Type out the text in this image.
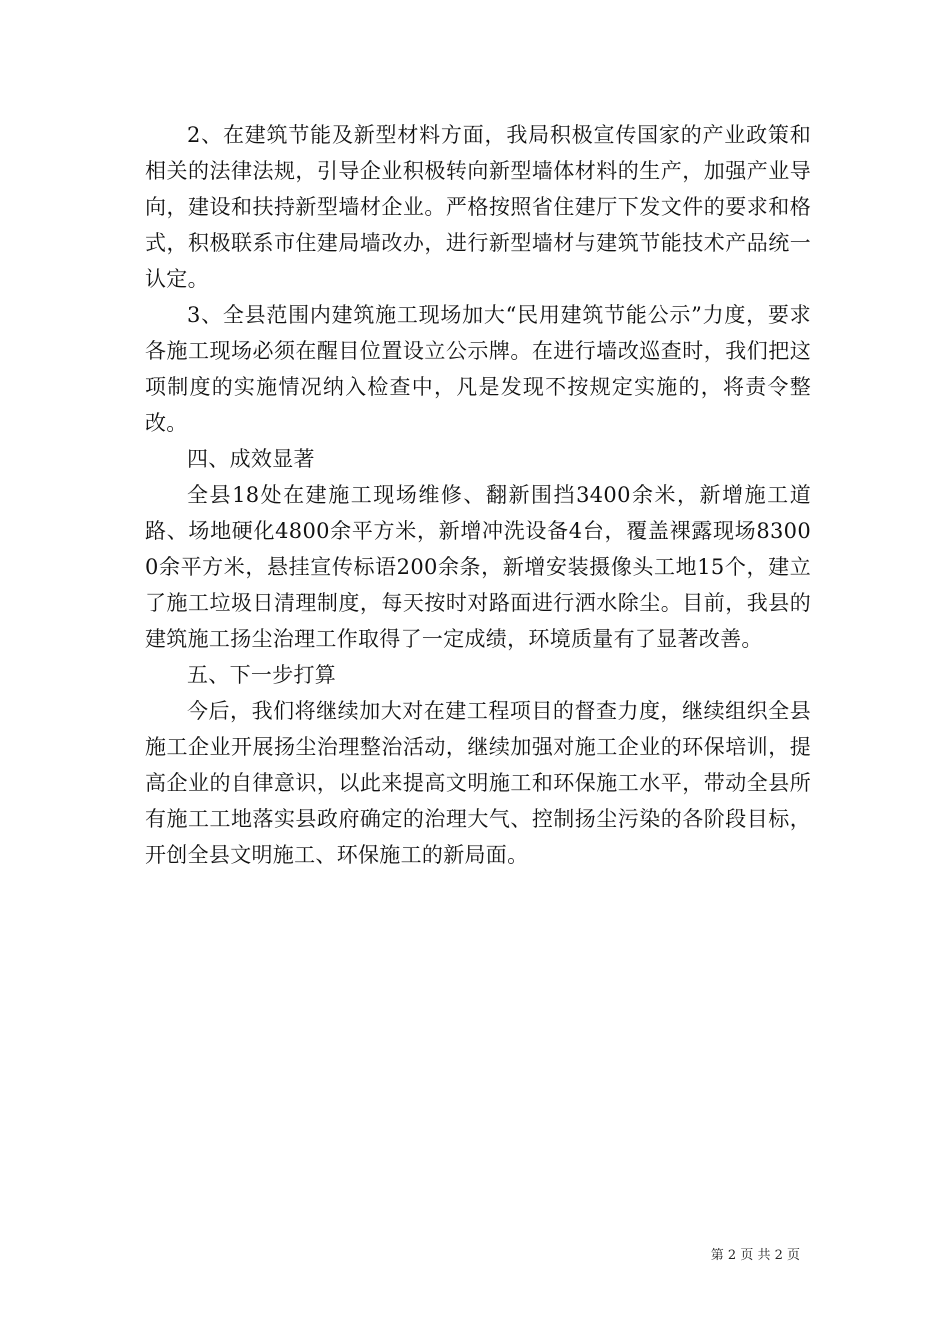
2、在建筑节能及新型材料方面，我局积极宣传国家的产业政策和相关的法律法规，引导企业积极转向新型墙体材料的生产，加强产业导向，建设和扶持新型墙材企业。严格按照省住建厅下发文件的要求和格式，积极联系市住建局墙改办，进行新型墙材与建筑节能技术产品统一认定。

3、全县范围内建筑施工现场加大“民用建筑节能公示”力度，要求各施工现场必须在醒目位置设立公示牌。在进行墙改巡查时，我们把这项制度的实施情况纳入检查中，凡是发现不按规定实施的，将责令整改。

四、成效显著

全县18处在建施工现场维修、翻新围挡3400余米，新增施工道路、场地硬化4800余平方米，新增冲洗设备4台，覆盖裸露现场83000余平方米，悬挂宣传标语200余条，新增安装摄像头工地15个，建立了施工垃圾日清理制度，每天按时对路面进行洒水除尘。目前，我县的建筑施工扬尘治理工作取得了一定成绩，环境质量有了显著改善。

五、下一步打算

今后，我们将继续加大对在建工程项目的督查力度，继续组织全县施工企业开展扬尘治理整治活动，继续加强对施工企业的环保培训，提高企业的自律意识，以此来提高文明施工和环保施工水平，带动全县所有施工工地落实县政府确定的治理大气、控制扬尘污染的各阶段目标，开创全县文明施工、环保施工的新局面。

第 2 页 共 2 页
